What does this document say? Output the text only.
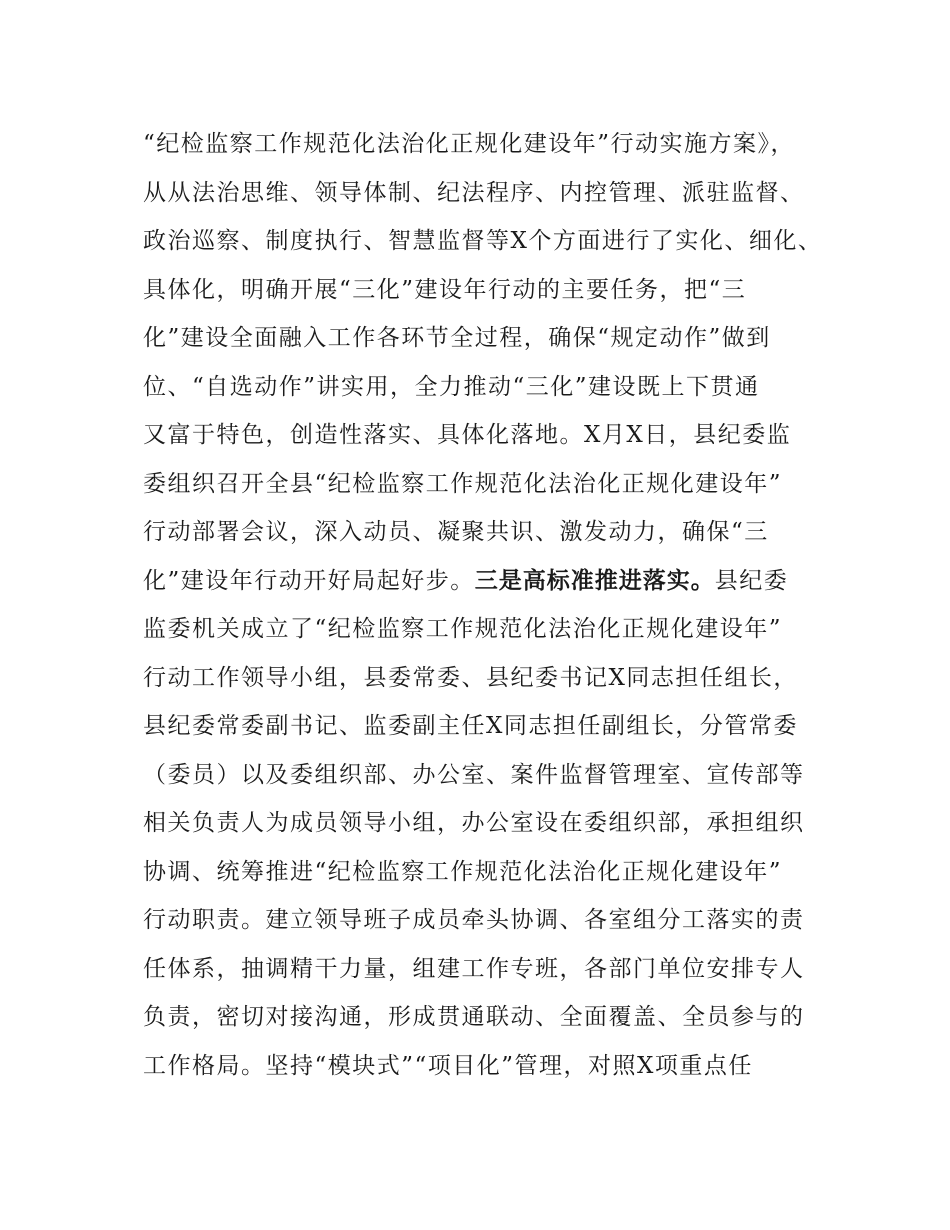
“纪检监察工作规范化法治化正规化建设年”行动实施方案》，
从从法治思维、领导体制、纪法程序、内控管理、派驻监督、
政治巡察、制度执行、智慧监督等X个方面进行了实化、细化、
具体化，明确开展“三化”建设年行动的主要任务，把“三
化”建设全面融入工作各环节全过程，确保“规定动作”做到
位、“自选动作”讲实用，全力推动“三化”建设既上下贯通
又富于特色，创造性落实、具体化落地。X月X日，县纪委监
委组织召开全县“纪检监察工作规范化法治化正规化建设年”
行动部署会议，深入动员、凝聚共识、激发动力，确保“三
化”建设年行动开好局起好步。三是高标准推进落实。县纪委
监委机关成立了“纪检监察工作规范化法治化正规化建设年”
行动工作领导小组，县委常委、县纪委书记X同志担任组长，
县纪委常委副书记、监委副主任X同志担任副组长，分管常委
（委员）以及委组织部、办公室、案件监督管理室、宣传部等
相关负责人为成员领导小组，办公室设在委组织部，承担组织
协调、统筹推进“纪检监察工作规范化法治化正规化建设年”
行动职责。建立领导班子成员牵头协调、各室组分工落实的责
任体系，抽调精干力量，组建工作专班，各部门单位安排专人
负责，密切对接沟通，形成贯通联动、全面覆盖、全员参与的
工作格局。坚持“模块式”“项目化”管理，对照X项重点任
